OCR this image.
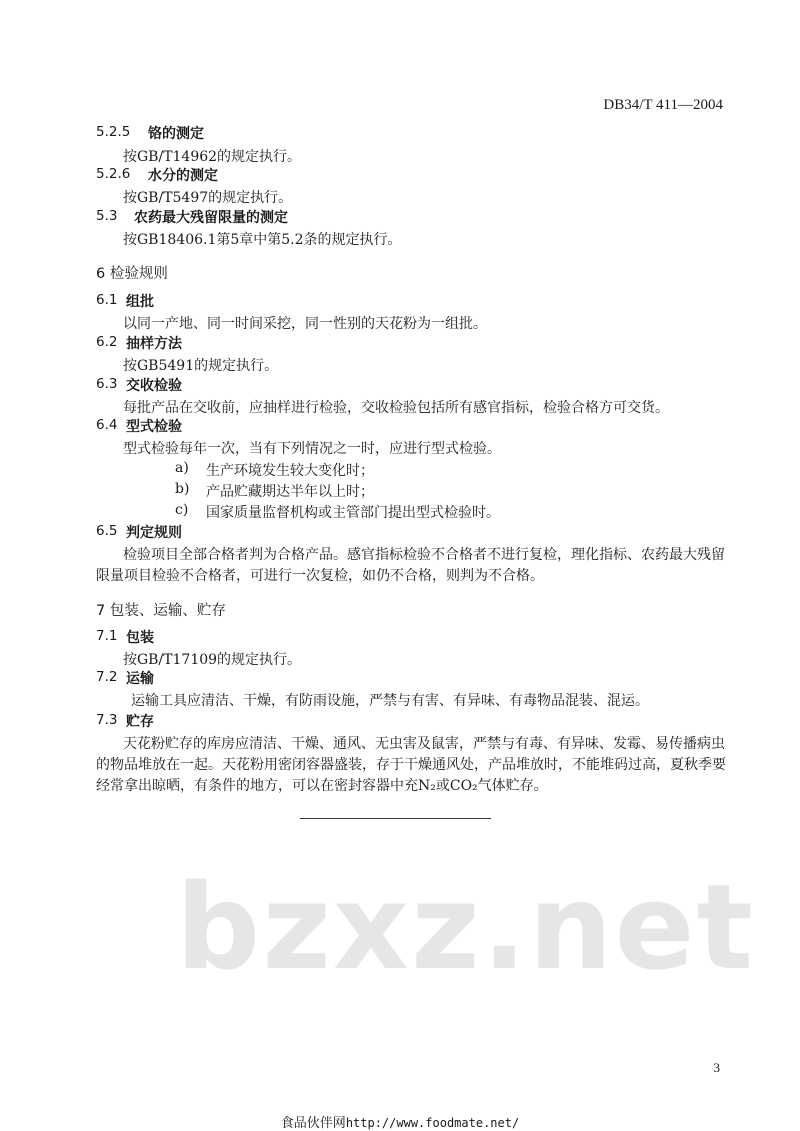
DB34/T 411—2004
5.2.5 铬的测定
按GB/T14962的规定执行。
5.2.6 水分的测定
按GB/T5497的规定执行。
5.3 农药最大残留限量的测定
按GB18406.1第5章中第5.2条的规定执行。
6 检验规则
6.1 组批
以同一产地、同一时间采挖，同一性别的天花粉为一组批。
6.2 抽样方法
按GB5491的规定执行。
6.3 交收检验
每批产品在交收前，应抽样进行检验，交收检验包括所有感官指标，检验合格方可交货。
6.4 型式检验
型式检验每年一次，当有下列情况之一时，应进行型式检验。
a) 生产环境发生较大变化时；
b) 产品贮藏期达半年以上时；
c) 国家质量监督机构或主管部门提出型式检验时。
6.5 判定规则
检验项目全部合格者判为合格产品。感官指标检验不合格者不进行复检，理化指标、农药最大残留
限量项目检验不合格者，可进行一次复检，如仍不合格，则判为不合格。
7 包装、运输、贮存
7.1 包装
按GB/T17109的规定执行。
7.2 运输
运输工具应清洁、干燥，有防雨设施，严禁与有害、有异味、有毒物品混装、混运。
7.3 贮存
天花粉贮存的库房应清洁、干燥、通风、无虫害及鼠害，严禁与有毒、有异味、发霉、易传播病虫
的物品堆放在一起。天花粉用密闭容器盛装，存于干燥通风处，产品堆放时，不能堆码过高，夏秋季要
经常拿出晾晒，有条件的地方，可以在密封容器中充N₂或CO₂气体贮存。
bzxz.net
3
食品伙伴网http://www.foodmate.net/
